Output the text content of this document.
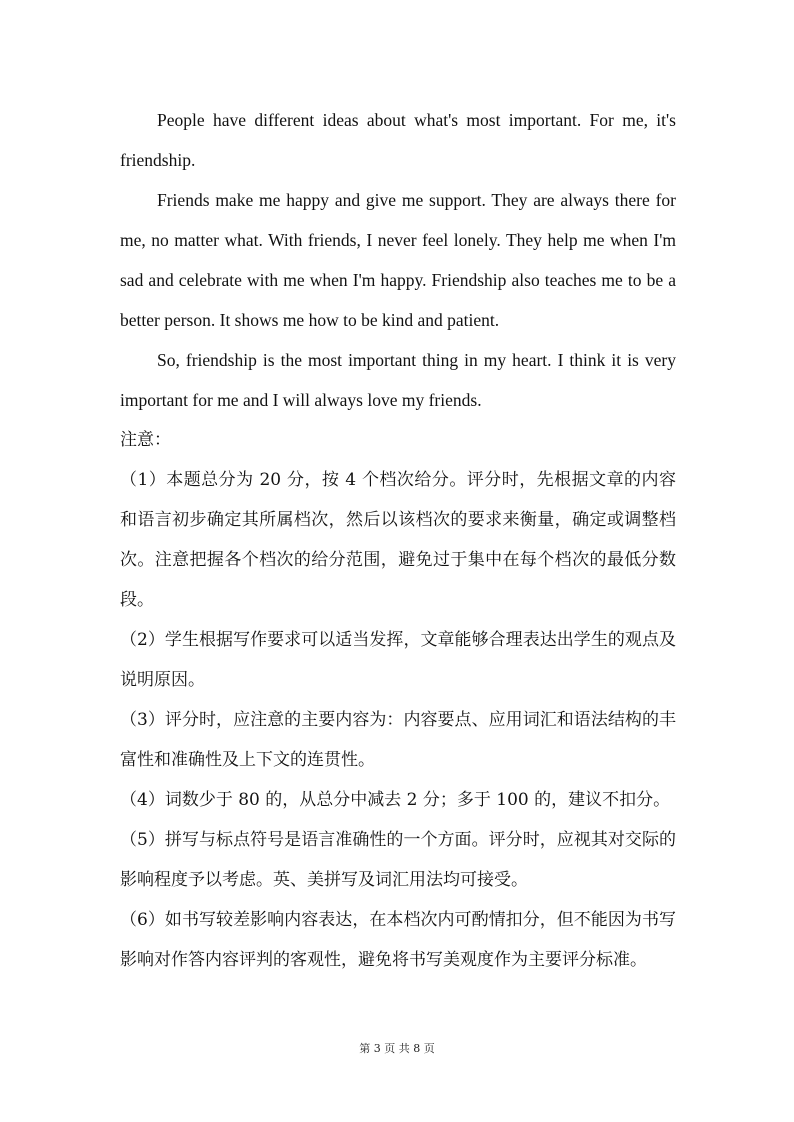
People have different ideas about what's most important. For me, it's friendship.

Friends make me happy and give me support. They are always there for me, no matter what. With friends, I never feel lonely. They help me when I'm sad and celebrate with me when I'm happy. Friendship also teaches me to be a better person. It shows me how to be kind and patient.

So, friendship is the most important thing in my heart. I think it is very important for me and I will always love my friends.

注意：

（1）本题总分为 20 分，按 4 个档次给分。评分时，先根据文章的内容和语言初步确定其所属档次，然后以该档次的要求来衡量，确定或调整档次。注意把握各个档次的给分范围，避免过于集中在每个档次的最低分数段。

（2）学生根据写作要求可以适当发挥，文章能够合理表达出学生的观点及说明原因。

（3）评分时，应注意的主要内容为：内容要点、应用词汇和语法结构的丰富性和准确性及上下文的连贯性。

（4）词数少于 80 的，从总分中减去 2 分；多于 100 的，建议不扣分。

（5）拼写与标点符号是语言准确性的一个方面。评分时，应视其对交际的影响程度予以考虑。英、美拼写及词汇用法均可接受。

（6）如书写较差影响内容表达，在本档次内可酌情扣分，但不能因为书写影响对作答内容评判的客观性，避免将书写美观度作为主要评分标准。

第 3 页 共 8 页
